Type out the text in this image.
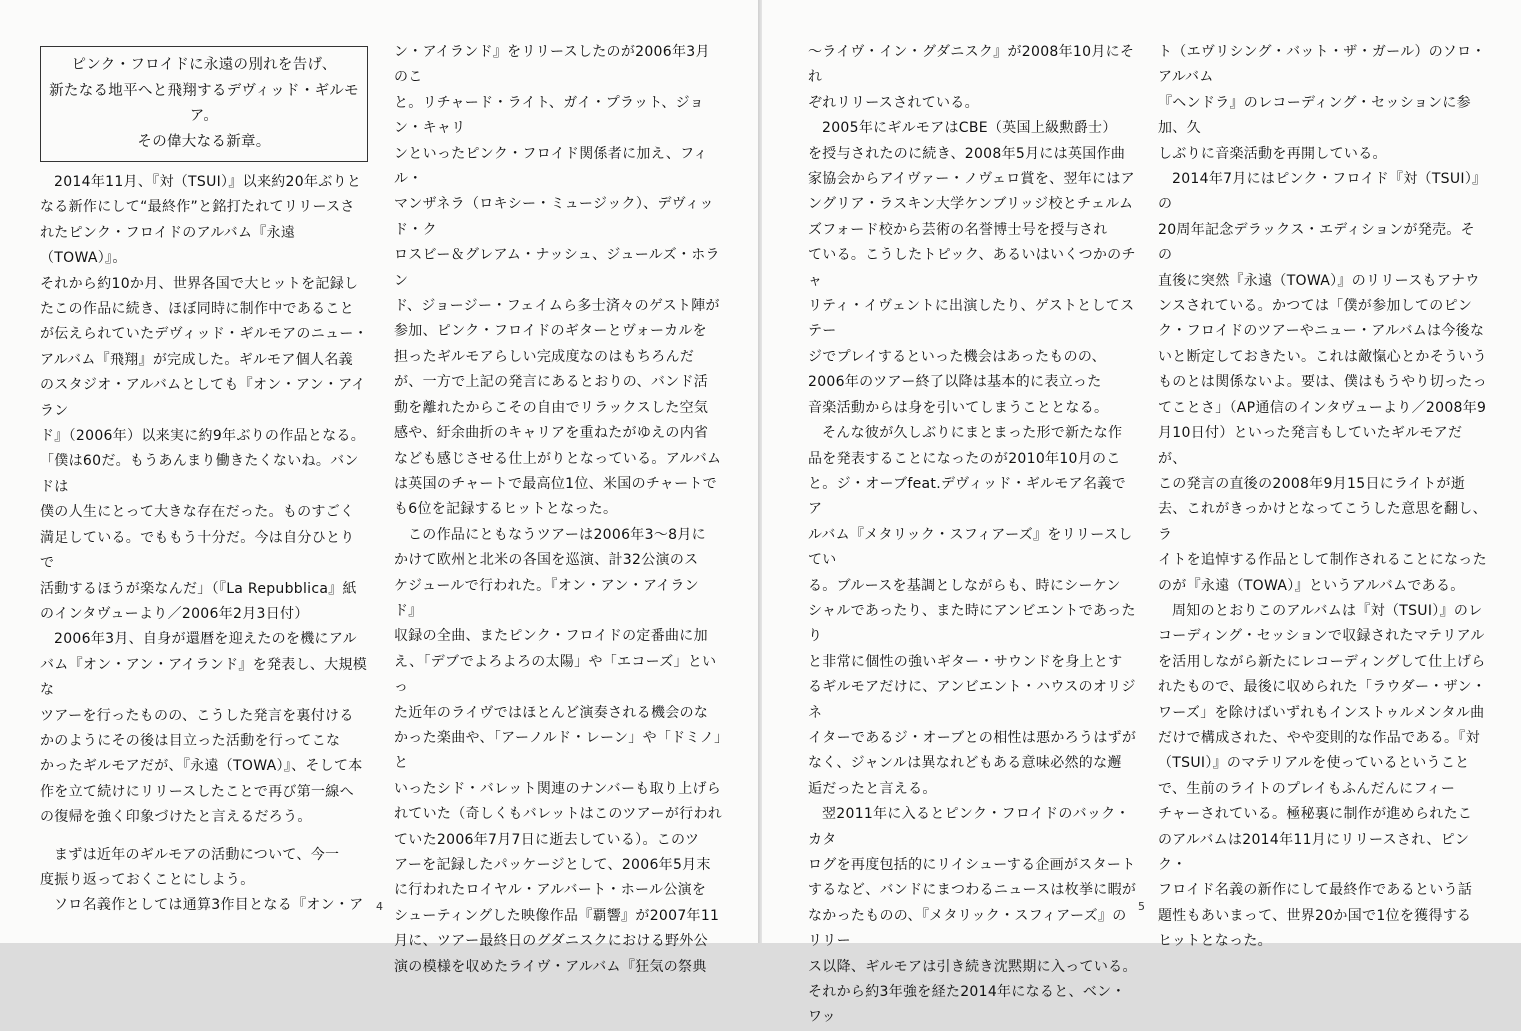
ピンク・フロイドに永遠の別れを告げ、
新たなる地平へと飛翔するデヴィッド・ギルモア。
その偉大なる新章。

2014年11月、『対（TSUI）』以来約20年ぶりと
なる新作にして“最終作”と銘打たれてリリースさ
れたピンク・フロイドのアルバム『永遠（TOWA）』。
それから約10か月、世界各国で大ヒットを記録し
たこの作品に続き、ほぼ同時に制作中であること
が伝えられていたデヴィッド・ギルモアのニュー・
アルバム『飛翔』が完成した。ギルモア個人名義
のスタジオ・アルバムとしても『オン・アン・アイラン
ド』（2006年）以来実に約9年ぶりの作品となる。
「僕は60だ。もうあんまり働きたくないね。バンドは
僕の人生にとって大きな存在だった。ものすごく
満足している。でももう十分だ。今は自分ひとりで
活動するほうが楽なんだ」（『La Repubblica』紙
のインタヴューより／2006年2月3日付）

2006年3月、自身が還暦を迎えたのを機にアル
バム『オン・アン・アイランド』を発表し、大規模な
ツアーを行ったものの、こうした発言を裏付ける
かのようにその後は目立った活動を行ってこな
かったギルモアだが、『永遠（TOWA）』、そして本
作を立て続けにリリースしたことで再び第一線へ
の復帰を強く印象づけたと言えるだろう。

まずは近年のギルモアの活動について、今一
度振り返っておくことにしよう。

ソロ名義作としては通算3作目となる『オン・ア

ン・アイランド』をリリースしたのが2006年3月のこ
と。リチャード・ライト、ガイ・プラット、ジョン・キャリ
ンといったピンク・フロイド関係者に加え、フィル・
マンザネラ（ロキシー・ミュージック）、デヴィッド・ク
ロスビー＆グレアム・ナッシュ、ジュールズ・ホラン
ド、ジョージー・フェイムら多士済々のゲスト陣が
参加、ピンク・フロイドのギターとヴォーカルを
担ったギルモアらしい完成度なのはもちろんだ
が、一方で上記の発言にあるとおりの、バンド活
動を離れたからこその自由でリラックスした空気
感や、紆余曲折のキャリアを重ねたがゆえの内省
なども感じさせる仕上がりとなっている。アルバム
は英国のチャートで最高位1位、米国のチャートで
も6位を記録するヒットとなった。

この作品にともなうツアーは2006年3～8月に
かけて欧州と北米の各国を巡演、計32公演のス
ケジュールで行われた。『オン・アン・アイランド』
収録の全曲、またピンク・フロイドの定番曲に加
え、「デブでよろよろの太陽」や「エコーズ」といっ
た近年のライヴではほとんど演奏される機会のな
かった楽曲や、「アーノルド・レーン」や「ドミノ」と
いったシド・バレット関連のナンバーも取り上げら
れていた（奇しくもバレットはこのツアーが行われ
ていた2006年7月7日に逝去している）。このツ
アーを記録したパッケージとして、2006年5月末
に行われたロイヤル・アルバート・ホール公演を
シューティングした映像作品『覇響』が2007年11
月に、ツアー最終日のグダニスクにおける野外公
演の模様を収めたライヴ・アルバム『狂気の祭典

4

～ライヴ・イン・グダニスク』が2008年10月にそれ
ぞれリリースされている。

2005年にギルモアはCBE（英国上級勲爵士）
を授与されたのに続き、2008年5月には英国作曲
家協会からアイヴァー・ノヴェロ賞を、翌年にはア
ングリア・ラスキン大学ケンブリッジ校とチェルム
ズフォード校から芸術の名誉博士号を授与され
ている。こうしたトピック、あるいはいくつかのチャ
リティ・イヴェントに出演したり、ゲストとしてステー
ジでプレイするといった機会はあったものの、
2006年のツアー終了以降は基本的に表立った
音楽活動からは身を引いてしまうこととなる。

そんな彼が久しぶりにまとまった形で新たな作
品を発表することになったのが2010年10月のこ
と。ジ・オーブfeat.デヴィッド・ギルモア名義でア
ルバム『メタリック・スフィアーズ』をリリースしてい
る。ブルースを基調としながらも、時にシーケン
シャルであったり、また時にアンビエントであったり
と非常に個性の強いギター・サウンドを身上とす
るギルモアだけに、アンビエント・ハウスのオリジネ
イターであるジ・オーブとの相性は悪かろうはずが
なく、ジャンルは異なれどもある意味必然的な邂
逅だったと言える。

翌2011年に入るとピンク・フロイドのバック・カタ
ログを再度包括的にリイシューする企画がスタート
するなど、バンドにまつわるニュースは枚挙に暇が
なかったものの、『メタリック・スフィアーズ』のリリー
ス以降、ギルモアは引き続き沈黙期に入っている。
それから約3年強を経た2014年になると、ベン・ワッ

ト（エヴリシング・バット・ザ・ガール）のソロ・アルバム
『ヘンドラ』のレコーディング・セッションに参加、久
しぶりに音楽活動を再開している。

2014年7月にはピンク・フロイド『対（TSUI）』の
20周年記念デラックス・エディションが発売。その
直後に突然『永遠（TOWA）』のリリースもアナウ
ンスされている。かつては「僕が参加してのピン
ク・フロイドのツアーやニュー・アルバムは今後な
いと断定しておきたい。これは敵愾心とかそういう
ものとは関係ないよ。要は、僕はもうやり切ったっ
てことさ」（AP通信のインタヴューより／2008年9
月10日付）といった発言もしていたギルモアだが、
この発言の直後の2008年9月15日にライトが逝
去、これがきっかけとなってこうした意思を翻し、ラ
イトを追悼する作品として制作されることになった
のが『永遠（TOWA）』というアルバムである。

周知のとおりこのアルバムは『対（TSUI）』のレ
コーディング・セッションで収録されたマテリアル
を活用しながら新たにレコーディングして仕上げら
れたもので、最後に収められた「ラウダー・ザン・
ワーズ」を除けばいずれもインストゥルメンタル曲
だけで構成された、やや変則的な作品である。『対
（TSUI）』のマテリアルを使っているということ
で、生前のライトのプレイもふんだんにフィー
チャーされている。極秘裏に制作が進められたこ
のアルバムは2014年11月にリリースされ、ピンク・
フロイド名義の新作にして最終作であるという話
題性もあいまって、世界20か国で1位を獲得する
ヒットとなった。

5
